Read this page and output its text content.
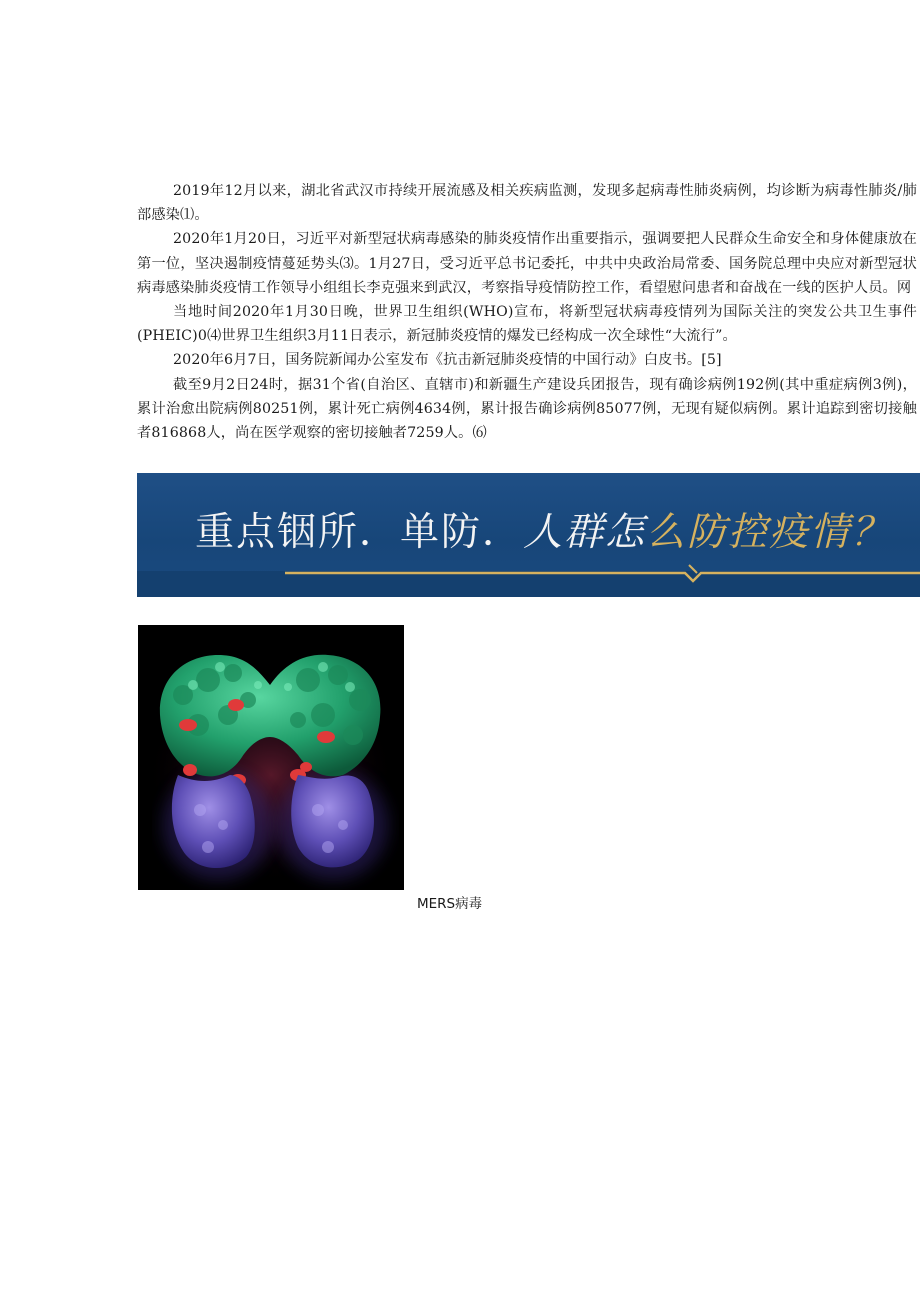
2019年12月以来，湖北省武汉市持续开展流感及相关疾病监测，发现多起病毒性肺炎病例，均诊断为病毒性肺炎/肺部感染⑴。

2020年1月20日，习近平对新型冠状病毒感染的肺炎疫情作出重要指示，强调要把人民群众生命安全和身体健康放在第一位，坚决遏制疫情蔓延势头⑶。1月27日，受习近平总书记委托，中共中央政治局常委、国务院总理中央应对新型冠状病毒感染肺炎疫情工作领导小组组长李克强来到武汉，考察指导疫情防控工作，看望慰问患者和奋战在一线的医护人员。网

当地时间2020年1月30日晚，世界卫生组织(WHO)宣布，将新型冠状病毒疫情列为国际关注的突发公共卫生事件(PHEIC)0⑷世界卫生组织3月11日表示，新冠肺炎疫情的爆发已经构成一次全球性“大流行”。

2020年6月7日，国务院新闻办公室发布《抗击新冠肺炎疫情的中国行动》白皮书。[5]

截至9月2日24时，据31个省(自治区、直辖市)和新疆生产建设兵团报告，现有确诊病例192例(其中重症病例3例)，累计治愈出院病例80251例，累计死亡病例4634例，累计报告确诊病例85077例，无现有疑似病例。累计追踪到密切接触者816868人，尚在医学观察的密切接触者7259人。⑹

重点铟所．单防．人群怎么防控疫情？
MERS病毒
